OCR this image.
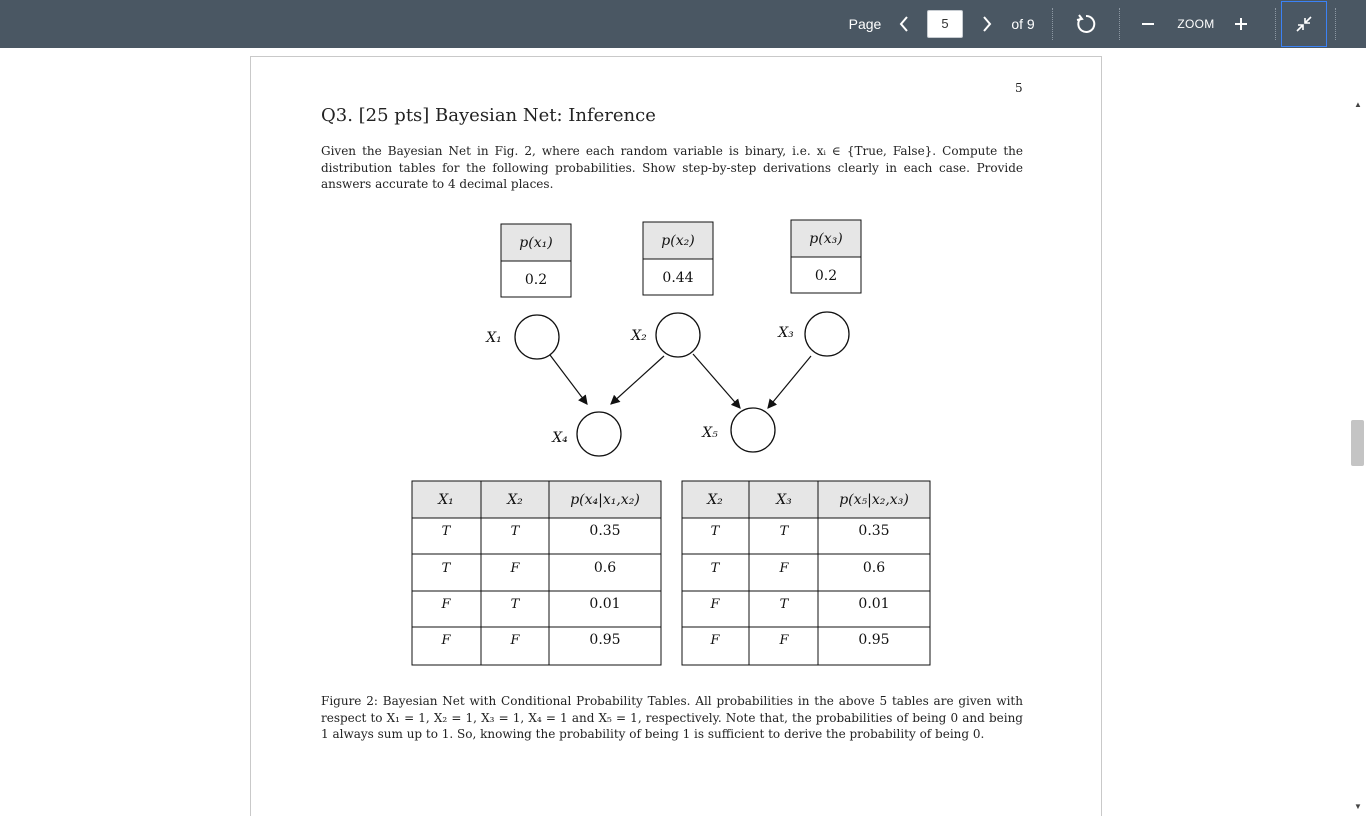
Page	5	of 9	ZOOM
5
Q3. [25 pts] Bayesian Net: Inference

Given the Bayesian Net in Fig. 2, where each random variable is binary, i.e. xᵢ ∈ {True, False}. Compute the distribution tables for the following probabilities. Show step-by-step derivations clearly in each case. Provide answers accurate to 4 decimal places.

p(x₁)
0.2
p(x₂)
0.44
p(x₃)
0.2
X₁	X₂	X₃
X₄	X₅
X₁	X₂	p(x₄|x₁,x₂)
T	T	0.35
T	F	0.6
F	T	0.01
F	F	0.95
X₂	X₃	p(x₅|x₂,x₃)
T	T	0.35
T	F	0.6
F	T	0.01
F	F	0.95

Figure 2: Bayesian Net with Conditional Probability Tables. All probabilities in the above 5 tables are given with respect to X₁ = 1, X₂ = 1, X₃ = 1, X₄ = 1 and X₅ = 1, respectively. Note that, the probabilities of being 0 and being 1 always sum up to 1. So, knowing the probability of being 1 is sufficient to derive the probability of being 0.

▲
▼
